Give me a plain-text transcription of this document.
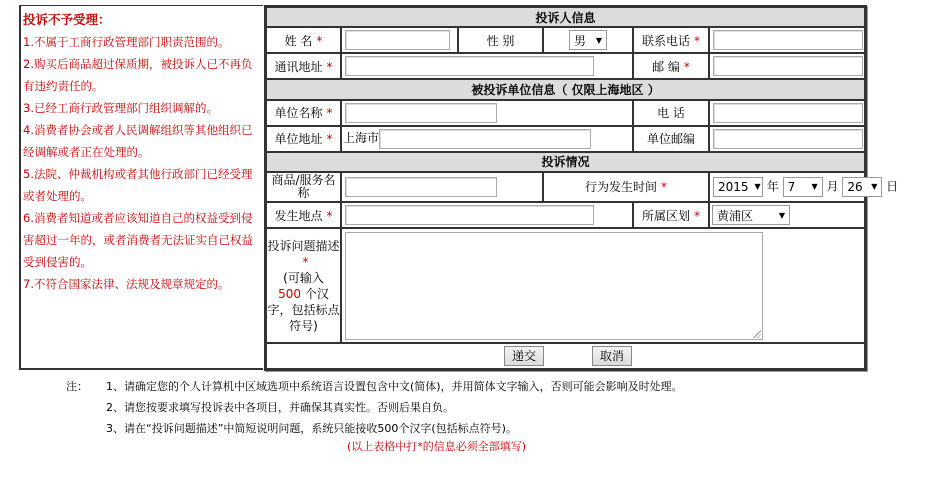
投诉不予受理：
1.不属于工商行政管理部门职责范围的。
2.购买后商品超过保质期，被投诉人已不再负有违约责任的。
3.已经工商行政管理部门组织调解的。
4.消费者协会或者人民调解组织等其他组织已经调解或者正在处理的。
5.法院、仲裁机构或者其他行政部门已经受理或者处理的。
6.消费者知道或者应该知道自己的权益受到侵害超过一年的，或者消费者无法证实自己权益受到侵害的。
7.不符合国家法律、法规及规章规定的。
投诉人信息					
姓 名 *		性 别	男 ▼	联系电话 *	
通讯地址 *				邮 编 *	
被投诉单位信息（ 仅限上海地区 ）					
单位名称 *				电 话	
单位地址 *	上海市			单位邮编	
投诉情况					
商品/服务名称		行为发生时间 *	2015 ▼ 年 7 ▼ 月 26 ▼ 日
发生地点 *				所属区划 *	黄浦区 ▼

投诉问题描述*
(可输入
500 个汉字，包括标点符号)					

递交 取消					
注：	1、请确定您的个人计算机中区域选项中系统语言设置包含中文(简体)，并用简体文字输入，否则可能会影响及时处理。
2、请您按要求填写投诉表中各项目，并确保其真实性。否则后果自负。
3、请在“投诉问题描述”中简短说明问题，系统只能接收500个汉字(包括标点符号)。
(以上表格中打*的信息必须全部填写)
